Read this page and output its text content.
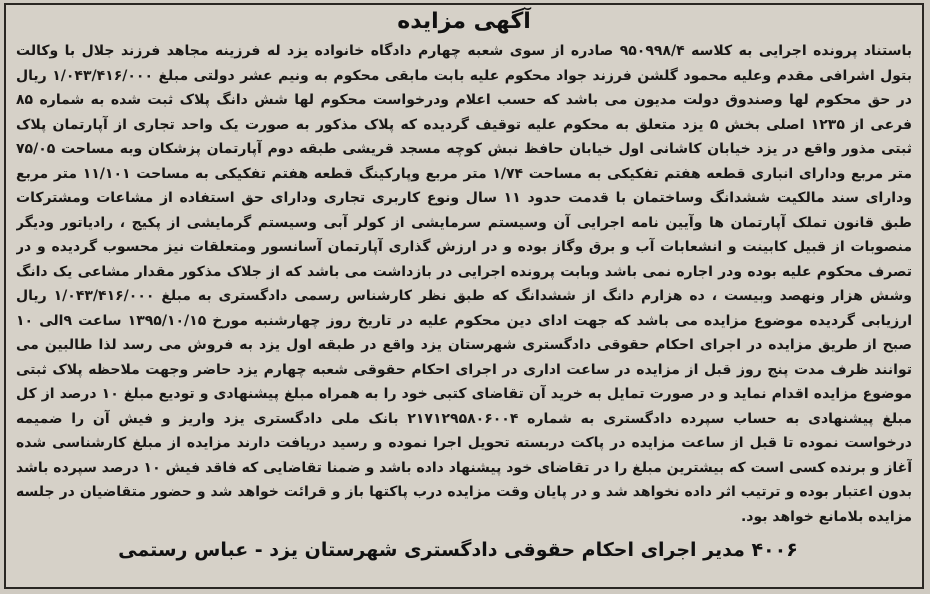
آگهی مزایده
باستناد پرونده اجرایی به کلاسه ۹۵۰۹۹۸/۴ صادره از سوی شعبه چهارم دادگاه خانواده یزد له فرزینه مجاهد فرزند جلال با وکالت بتول اشرافی مقدم وعلیه محمود گلشن فرزند جواد محکوم علیه بابت مابقی محکوم به ونیم عشر دولتی مبلغ ۱/۰۴۳/۴۱۶/۰۰۰ ریال در حق محکوم لها وصندوق دولت مدیون می باشد که حسب اعلام ودرخواست محکوم لها شش دانگ پلاک ثبت شده به شماره ۸۵ فرعی از ۱۲۳۵ اصلی بخش ۵ یزد متعلق به محکوم علیه توقیف گردیده که پلاک مذکور به صورت یک واحد تجاری از آپارتمان پلاک ثبتی مذور واقع در یزد خیابان کاشانی اول خیابان حافظ نبش کوچه مسجد قریشی طبقه دوم آپارتمان پزشکان وبه مساحت ۷۵/۰۵ متر مربع ودارای انباری قطعه هفتم تفکیکی به مساحت ۱/۷۴ متر مربع وپارکینگ قطعه هفتم تفکیکی به مساحت ۱۱/۱۰۱ متر مربع ودارای سند مالکیت ششدانگ وساختمان با قدمت حدود ۱۱ سال ونوع کاربری تجاری ودارای حق استفاده از مشاعات ومشترکات طبق قانون تملک آپارتمان ها وآیین نامه اجرایی آن وسیستم سرمایشی از کولر آبی وسیستم گرمایشی از پکیج ، رادیاتور ودیگر منصوبات از قبیل کابینت و انشعابات آب و برق وگاز بوده و در ارزش گذاری آپارتمان آسانسور ومتعلقات نیز محسوب گردیده و در تصرف محکوم علیه بوده ودر اجاره نمی باشد وبابت پرونده اجرایی در بازداشت می باشد که از جلاک مذکور مقدار مشاعی یک دانگ وشش هزار ونهصد وبیست ، ده هزارم دانگ از ششدانگ که طبق نظر کارشناس رسمی دادگستری به مبلغ ۱/۰۴۳/۴۱۶/۰۰۰ ریال ارزیابی گردیده موضوع مزایده می باشد که جهت ادای دین محکوم علیه در تاریخ روز چهارشنبه مورخ ۱۳۹۵/۱۰/۱۵ ساعت ۹الی ۱۰ صبح از طریق مزایده در اجرای احکام حقوقی دادگستری شهرستان یزد واقع در طبقه اول یزد به فروش می رسد لذا طالبین می توانند ظرف مدت پنج روز قبل از مزایده در ساعت اداری در اجرای احکام حقوقی شعبه چهارم یزد حاضر وجهت ملاحظه پلاک ثبتی موضوع مزایده اقدام نماید و در صورت تمایل به خرید آن تقاضای کتبی خود را به همراه مبلغ پیشنهادی و تودیع مبلغ ۱۰ درصد از کل مبلغ پیشنهادی به حساب سپرده دادگستری به شماره ۲۱۷۱۲۹۵۸۰۶۰۰۴ بانک ملی دادگستری یزد واریز و فیش آن را ضمیمه درخواست نموده تا قبل از ساعت مزایده در پاکت دربسته تحویل اجرا نموده و رسید دریافت دارند مزایده از مبلغ کارشناسی شده آغاز و برنده کسی است که بیشترین مبلغ را در تقاضای خود پیشنهاد داده باشد و ضمنا تقاضایی که فاقد فیش ۱۰ درصد سپرده باشد بدون اعتبار بوده و ترتیب اثر داده نخواهد شد و در پایان وقت مزایده درب پاکتها باز و قرائت خواهد شد و حضور متقاضیان در جلسه مزایده بلامانع خواهد بود.
۴۰۰۶ مدیر اجرای احکام حقوقی دادگستری شهرستان یزد - عباس رستمی
